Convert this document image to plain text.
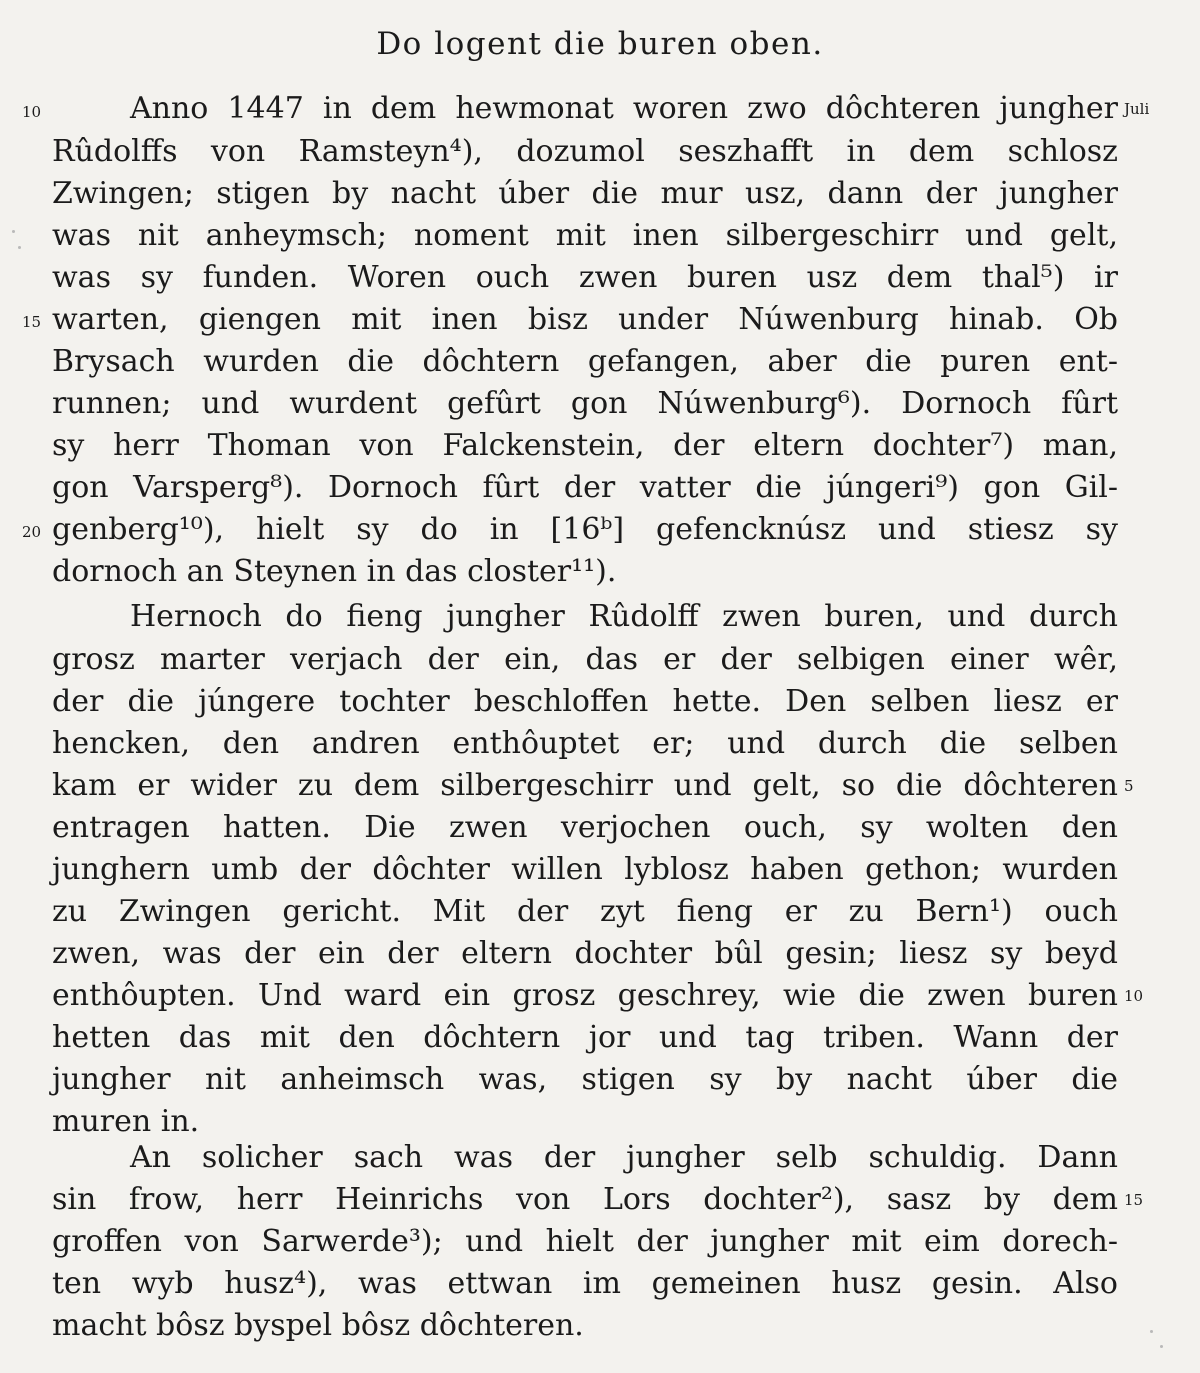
Do logent die buren oben.
Anno 1447 in dem hewmonat woren zwo dôchteren jungher
Rûdolffs von Ramsteyn⁴), dozumol seszhafft in dem schlosz
Zwingen; stigen by nacht úber die mur usz, dann der jungher
was nit anheymsch; noment mit inen silbergeschirr und gelt,
was sy funden. Woren ouch zwen buren usz dem thal⁵) ir
warten, giengen mit inen bisz under Núwenburg hinab. Ob
Brysach wurden die dôchtern gefangen, aber die puren ent-
runnen; und wurdent gefûrt gon Núwenburg⁶). Dornoch fûrt
sy herr Thoman von Falckenstein, der eltern dochter⁷) man,
gon Varsperg⁸). Dornoch fûrt der vatter die júngeri⁹) gon Gil-
genberg¹⁰), hielt sy do in [16ᵇ] gefencknúsz und stiesz sy
dornoch an Steynen in das closter¹¹).
Hernoch do fieng jungher Rûdolff zwen buren, und durch
grosz marter verjach der ein, das er der selbigen einer wêr,
der die júngere tochter beschloffen hette. Den selben liesz er
hencken, den andren enthôuptet er; und durch die selben
kam er wider zu dem silbergeschirr und gelt, so die dôchteren
entragen hatten. Die zwen verjochen ouch, sy wolten den
junghern umb der dôchter willen lyblosz haben gethon; wurden
zu Zwingen gericht. Mit der zyt fieng er zu Bern¹) ouch
zwen, was der ein der eltern dochter bûl gesin; liesz sy beyd
enthôupten. Und ward ein grosz geschrey, wie die zwen buren
hetten das mit den dôchtern jor und tag triben. Wann der
jungher nit anheimsch was, stigen sy by nacht úber die
muren in.
An solicher sach was der jungher selb schuldig. Dann
sin frow, herr Heinrichs von Lors dochter²), sasz by dem
groffen von Sarwerde³); und hielt der jungher mit eim dorech-
ten wyb husz⁴), was ettwan im gemeinen husz gesin. Also
macht bôsz byspel bôsz dôchteren.
10
15
20
Juli
5
10
15
